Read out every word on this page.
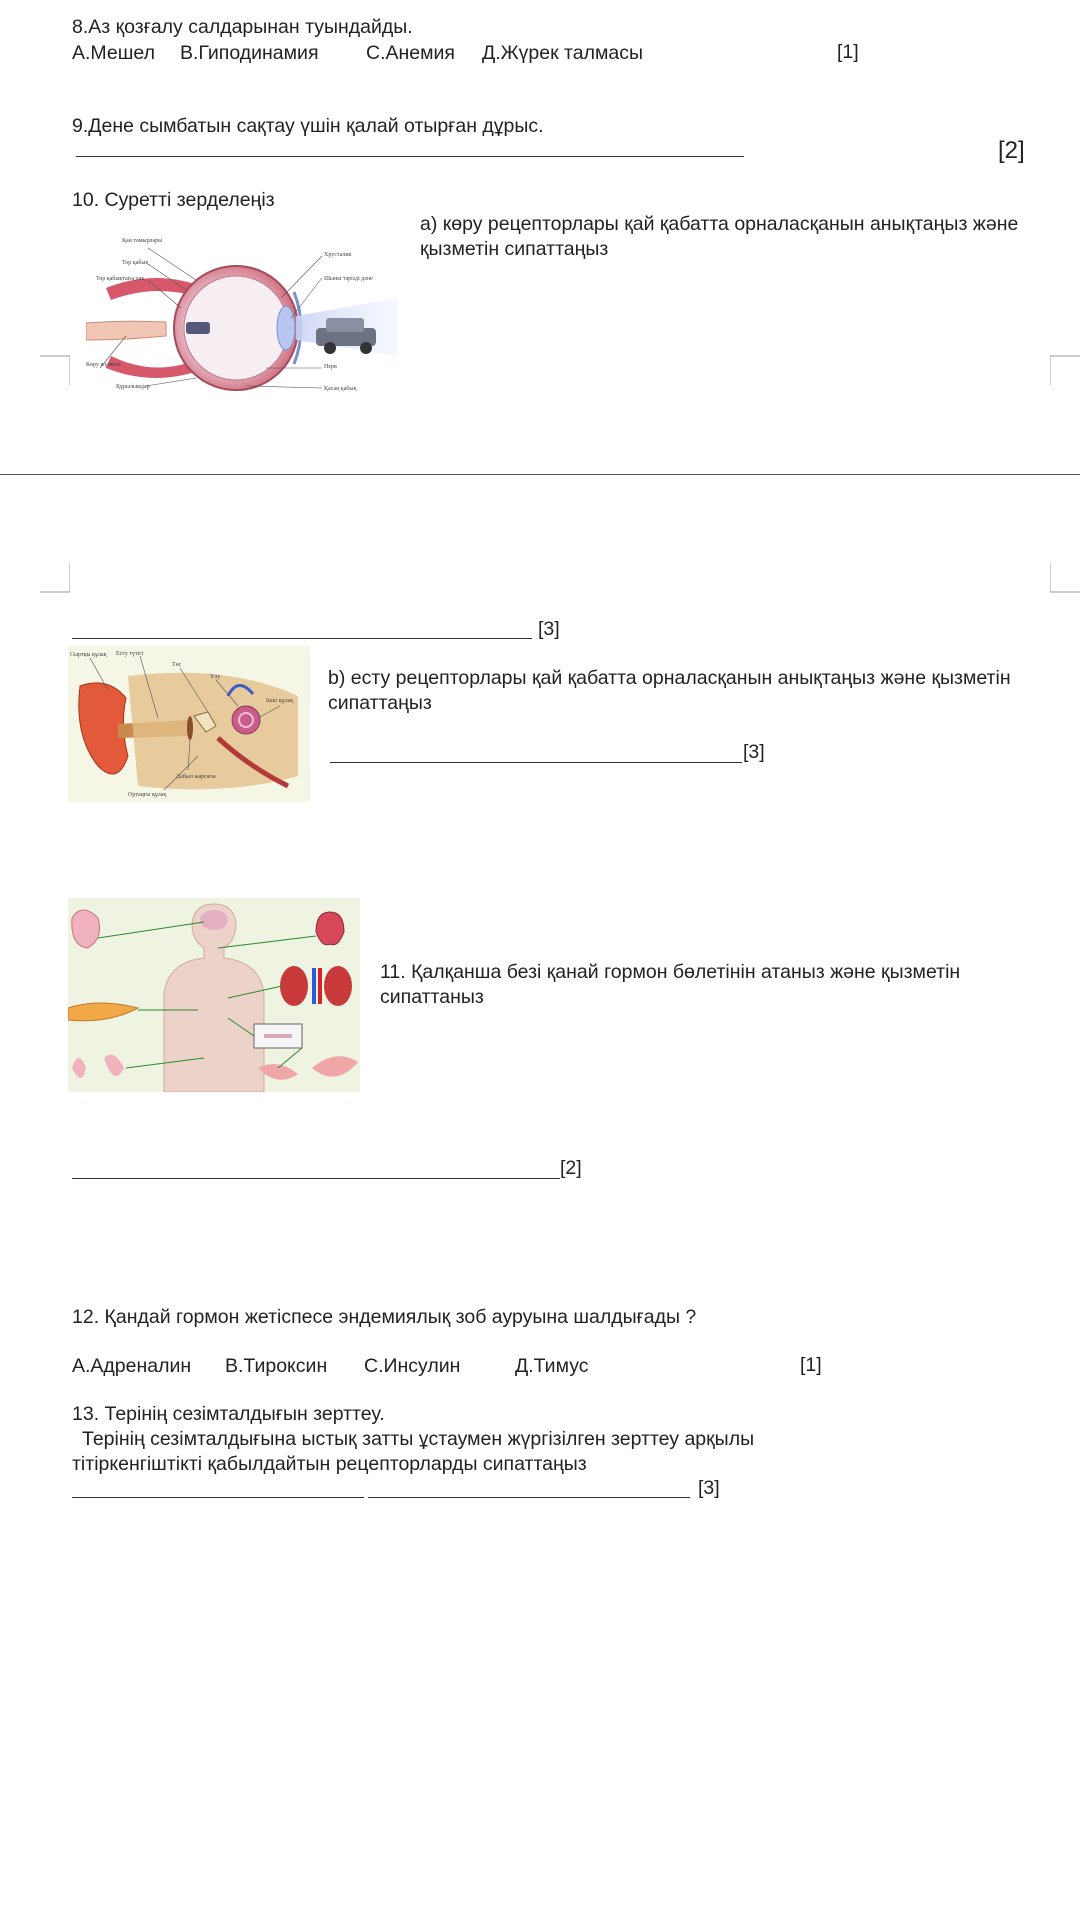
8.Аз қозғалу салдарынан туындайды.
А.Мешел В.Гиподинамия С.Анемия Д.Жүрек талмасы	[1]
9.Дене сымбатын сақтау үшін қалай отырған дұрыс.
[2]
10. Суретті зерделеңіз
а) көру рецепторлары қай қабатта орналасқанын анықтаңыз және қызметін сипаттаңыз
Қан тамырлары
Тор қабық
Тор қабықтағы дақ
Көру жүйкесі
Құрылымдар
Хрусталик
Шыны тәрізді дене
Нерв
Қасаң қабық
[3]
Сыртқы құлақ Есту түтігі
Төс
Ұлу
Дабыл жарғағы
Ортаңғы құлақ
Ішкі құлақ
b) есту рецепторлары қай қабатта орналасқанын анықтаңыз және қызметін сипаттаңыз
[3]
11. Қалқанша безі қанай гормон бөлетінін атаныз және қызметін сипаттаныз
[2]
12. Қандай гормон жетіспесе эндемиялық зоб ауруына шалдығады ?
А.Адреналин В.Тироксин С.Инсулин	Д.Тимус	[1]
13. Терінің сезімталдығын зерттеу.
Терінің сезімталдығына ыстық затты ұстаумен жүргізілген зерттеу арқылы
тітіркенгіштікті қабылдайтын рецепторларды сипаттаңыз
[3]
